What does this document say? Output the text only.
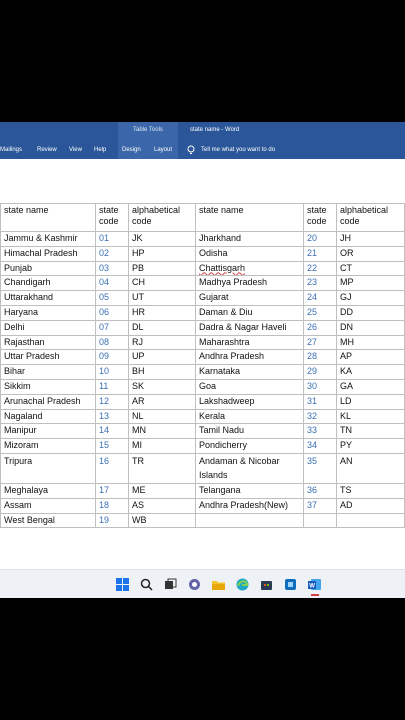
Table Tools	state name - Word
Mailings Review View Help	Design Layout	Tell me what you want to do
state name	state code	alphabetical code	state name	state code	alphabetical code
Jammu & Kashmir	01	JK	Jharkhand	20	JH
Himachal Pradesh	02	HP	Odisha	21	OR
Punjab	03	PB	Chattisgarh	22	CT
Chandigarh	04	CH	Madhya Pradesh	23	MP
Uttarakhand	05	UT	Gujarat	24	GJ
Haryana	06	HR	Daman & Diu	25	DD
Delhi	07	DL	Dadra & Nagar Haveli	26	DN
Rajasthan	08	RJ	Maharashtra	27	MH
Uttar Pradesh	09	UP	Andhra Pradesh	28	AP
Bihar	10	BH	Karnataka	29	KA
Sikkim	11	SK	Goa	30	GA
Arunachal Pradesh	12	AR	Lakshadweep	31	LD
Nagaland	13	NL	Kerala	32	KL
Manipur	14	MN	Tamil Nadu	33	TN
Mizoram	15	MI	Pondicherry	34	PY
Tripura	16	TR	Andaman & Nicobar Islands	35	AN
Meghalaya	17	ME	Telangana	36	TS
Assam	18	AS	Andhra Pradesh(New)	37	AD
West Bengal	19	WB			
W
